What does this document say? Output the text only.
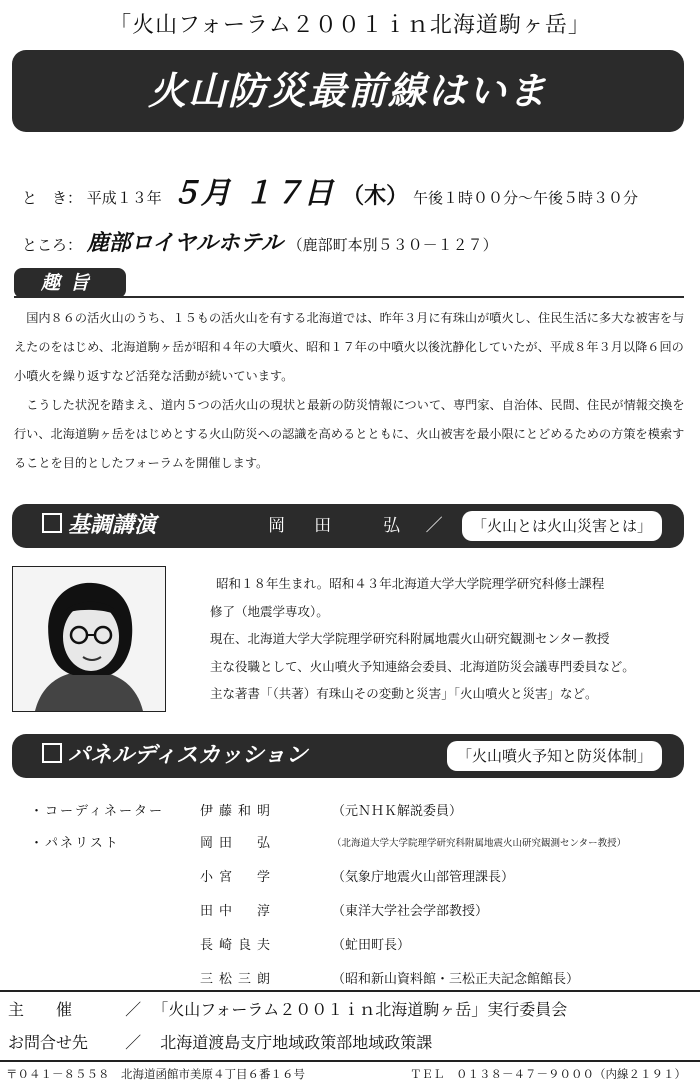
「火山フォーラム２００１ｉｎ北海道駒ヶ岳」
火山防災最前線はいま
と　き： 平成１３年 ５月 １７日 （木） 午後１時００分～午後５時３０分
ところ： 鹿部ロイヤルホテル （鹿部町本別５３０－１２７）
趣旨

国内８６の活火山のうち、１５もの活火山を有する北海道では、昨年３月に有珠山が噴火し、住民生活に多大な被害を与えたのをはじめ、北海道駒ヶ岳が昭和４年の大噴火、昭和１７年の中噴火以後沈静化していたが、平成８年３月以降６回の小噴火を繰り返すなど活発な活動が続いています。

こうした状況を踏まえ、道内５つの活火山の現状と最新の防災情報について、専門家、自治体、民間、住民が情報交換を行い、北海道駒ヶ岳をはじめとする火山防災への認識を高めるとともに、火山被害を最小限にとどめるための方策を模索することを目的としたフォーラムを開催します。

基調講演	岡　田　　弘 ／ 「火山とは火山災害とは」
昭和１８年生まれ。昭和４３年北海道大学大学院理学研究科修士課程
修了（地震学専攻）。
現在、北海道大学大学院理学研究科附属地震火山研究観測センター教授
主な役職として、火山噴火予知連絡会委員、北海道防災会議専門委員など。
主な著書「（共著）有珠山その変動と災害」「火山噴火と災害」など。
パネルディスカッション	「火山噴火予知と防災体制」
・コーディネーター	伊藤和明	（元ＮＨＫ解説委員）
・パネリスト	岡田　弘	（北海道大学大学院理学研究科附属地震火山研究観測センター教授）
小宮　学	（気象庁地震火山部管理課長）
田中　淳	（東洋大学社会学部教授）
長崎良夫	（虻田町長）
三松三朗	（昭和新山資料館・三松正夫記念館館長）
主　　催	／ 「火山フォーラム２００１ｉｎ北海道駒ヶ岳」実行委員会
お問合せ先 ／ 北海道渡島支庁地域政策部地域政策課
〒０４１－８５５８　北海道函館市美原４丁目６番１６号	ＴＥＬ　０１３８－４７－９０００（内線２１９１）
